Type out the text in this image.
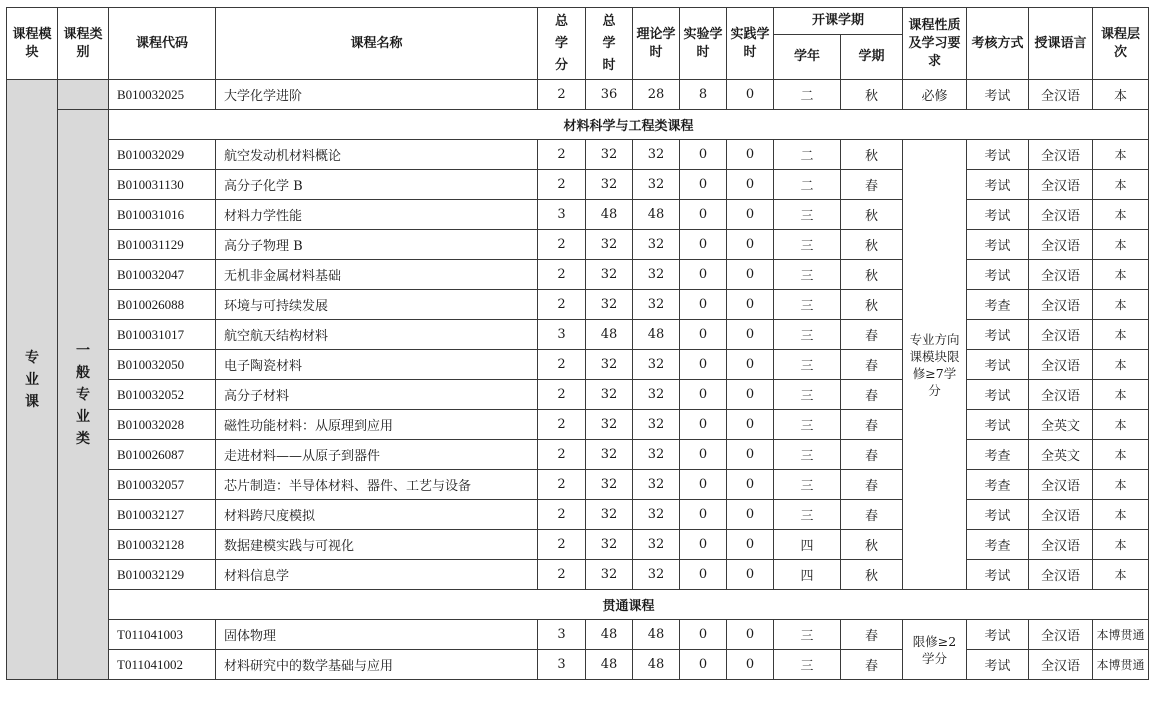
课程模块	课程类别	课程代码	课程名称	总学分	总学时	理论学时	实验学时	实践学时	开课学期		课程性质及学习要求	考核方式	授课语言	课程层次
									学年	学期				
专业课		B010032025	大学化学进阶	2	36	28	8	0	二	秋	必修	考试	全汉语	本
	一般专业类	材料科学与工程类课程												
		B010032029	航空发动机材料概论	2	32	32	0	0	二	秋	专业方向课模块限修≥7学分	考试	全汉语	本
		B010031130	高分子化学 B	2	32	32	0	0	二	春		考试	全汉语	本
		B010031016	材料力学性能	3	48	48	0	0	三	秋		考试	全汉语	本
		B010031129	高分子物理 B	2	32	32	0	0	三	秋		考试	全汉语	本
		B010032047	无机非金属材料基础	2	32	32	0	0	三	秋		考试	全汉语	本
		B010026088	环境与可持续发展	2	32	32	0	0	三	秋		考查	全汉语	本
		B010031017	航空航天结构材料	3	48	48	0	0	三	春		考试	全汉语	本
		B010032050	电子陶瓷材料	2	32	32	0	0	三	春		考试	全汉语	本
		B010032052	高分子材料	2	32	32	0	0	三	春		考试	全汉语	本
		B010032028	磁性功能材料：从原理到应用	2	32	32	0	0	三	春		考试	全英文	本
		B010026087	走进材料——从原子到器件	2	32	32	0	0	三	春		考查	全英文	本
		B010032057	芯片制造：半导体材料、器件、工艺与设备	2	32	32	0	0	三	春		考查	全汉语	本
		B010032127	材料跨尺度模拟	2	32	32	0	0	三	春		考试	全汉语	本
		B010032128	数据建模实践与可视化	2	32	32	0	0	四	秋		考查	全汉语	本
		B010032129	材料信息学	2	32	32	0	0	四	秋		考试	全汉语	本
		贯通课程												
		T011041003	固体物理	3	48	48	0	0	三	春	限修≥2学分	考试	全汉语	本博贯通
		T011041002	材料研究中的数学基础与应用	3	48	48	0	0	三	春		考试	全汉语	本博贯通
